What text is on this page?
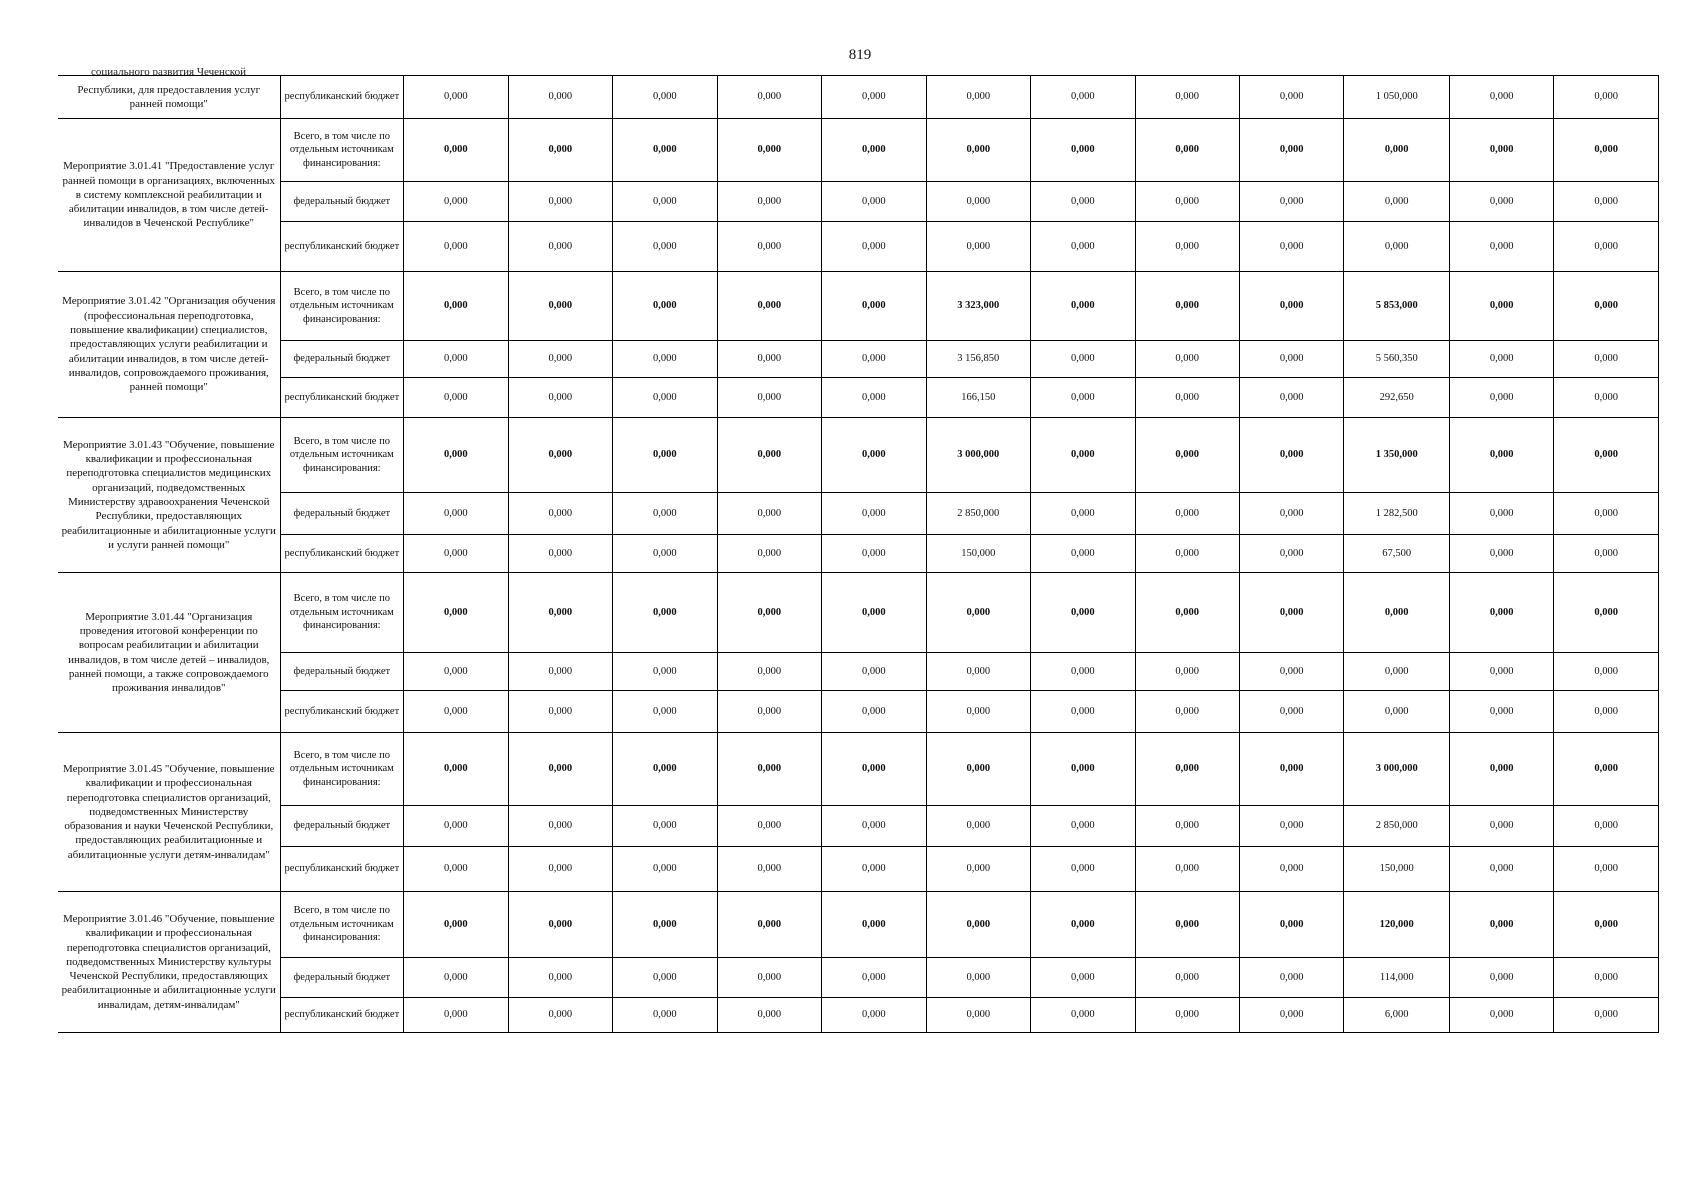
819
социального развития Чеченской
Республики, для предоставления услуг ранней помощи"	республиканский бюджет	0,000	0,000	0,000	0,000	0,000	0,000	0,000	0,000	0,000	1 050,000	0,000	0,000
Мероприятие 3.01.41 "Предоставление услуг ранней помощи в организациях, включенных в систему комплексной реабилитации и абилитации инвалидов, в том числе детей-инвалидов в Чеченской Республике"	Всего, в том числе по отдельным источникам финансирования:	0,000	0,000	0,000	0,000	0,000	0,000	0,000	0,000	0,000	0,000	0,000	0,000
	федеральный бюджет	0,000	0,000	0,000	0,000	0,000	0,000	0,000	0,000	0,000	0,000	0,000	0,000
	республиканский бюджет	0,000	0,000	0,000	0,000	0,000	0,000	0,000	0,000	0,000	0,000	0,000	0,000
Мероприятие 3.01.42 "Организация обучения (профессиональная переподготовка, повышение квалификации) специалистов, предоставляющих услуги реабилитации и абилитации инвалидов, в том числе детей-инвалидов, сопровождаемого проживания, ранней помощи"	Всего, в том числе по отдельным источникам финансирования:	0,000	0,000	0,000	0,000	0,000	3 323,000	0,000	0,000	0,000	5 853,000	0,000	0,000
	федеральный бюджет	0,000	0,000	0,000	0,000	0,000	3 156,850	0,000	0,000	0,000	5 560,350	0,000	0,000
	республиканский бюджет	0,000	0,000	0,000	0,000	0,000	166,150	0,000	0,000	0,000	292,650	0,000	0,000
Мероприятие 3.01.43 "Обучение, повышение квалификации и профессиональная переподготовка специалистов медицинских организаций, подведомственных Министерству здравоохранения Чеченской Республики, предоставляющих реабилитационные и абилитационные услуги и услуги ранней помощи"	Всего, в том числе по отдельным источникам финансирования:	0,000	0,000	0,000	0,000	0,000	3 000,000	0,000	0,000	0,000	1 350,000	0,000	0,000
	федеральный бюджет	0,000	0,000	0,000	0,000	0,000	2 850,000	0,000	0,000	0,000	1 282,500	0,000	0,000
	республиканский бюджет	0,000	0,000	0,000	0,000	0,000	150,000	0,000	0,000	0,000	67,500	0,000	0,000
Мероприятие 3.01.44 "Организация проведения итоговой конференции по вопросам реабилитации и абилитации инвалидов, в том числе детей – инвалидов, ранней помощи, а также сопровождаемого проживания инвалидов"	Всего, в том числе по отдельным источникам финансирования:	0,000	0,000	0,000	0,000	0,000	0,000	0,000	0,000	0,000	0,000	0,000	0,000
	федеральный бюджет	0,000	0,000	0,000	0,000	0,000	0,000	0,000	0,000	0,000	0,000	0,000	0,000
	республиканский бюджет	0,000	0,000	0,000	0,000	0,000	0,000	0,000	0,000	0,000	0,000	0,000	0,000
Мероприятие 3.01.45 "Обучение, повышение квалификации и профессиональная переподготовка специалистов организаций, подведомственных Министерству образования и науки Чеченской Республики, предоставляющих реабилитационные и абилитационные услуги детям-инвалидам"	Всего, в том числе по отдельным источникам финансирования:	0,000	0,000	0,000	0,000	0,000	0,000	0,000	0,000	0,000	3 000,000	0,000	0,000
	федеральный бюджет	0,000	0,000	0,000	0,000	0,000	0,000	0,000	0,000	0,000	2 850,000	0,000	0,000
	республиканский бюджет	0,000	0,000	0,000	0,000	0,000	0,000	0,000	0,000	0,000	150,000	0,000	0,000
Мероприятие 3.01.46 "Обучение, повышение квалификации и профессиональная переподготовка специалистов организаций, подведомственных Министерству культуры Чеченской Республики, предоставляющих реабилитационные и абилитационные услуги инвалидам, детям-инвалидам"	Всего, в том числе по отдельным источникам финансирования:	0,000	0,000	0,000	0,000	0,000	0,000	0,000	0,000	0,000	120,000	0,000	0,000
	федеральный бюджет	0,000	0,000	0,000	0,000	0,000	0,000	0,000	0,000	0,000	114,000	0,000	0,000
	республиканский бюджет	0,000	0,000	0,000	0,000	0,000	0,000	0,000	0,000	0,000	6,000	0,000	0,000
